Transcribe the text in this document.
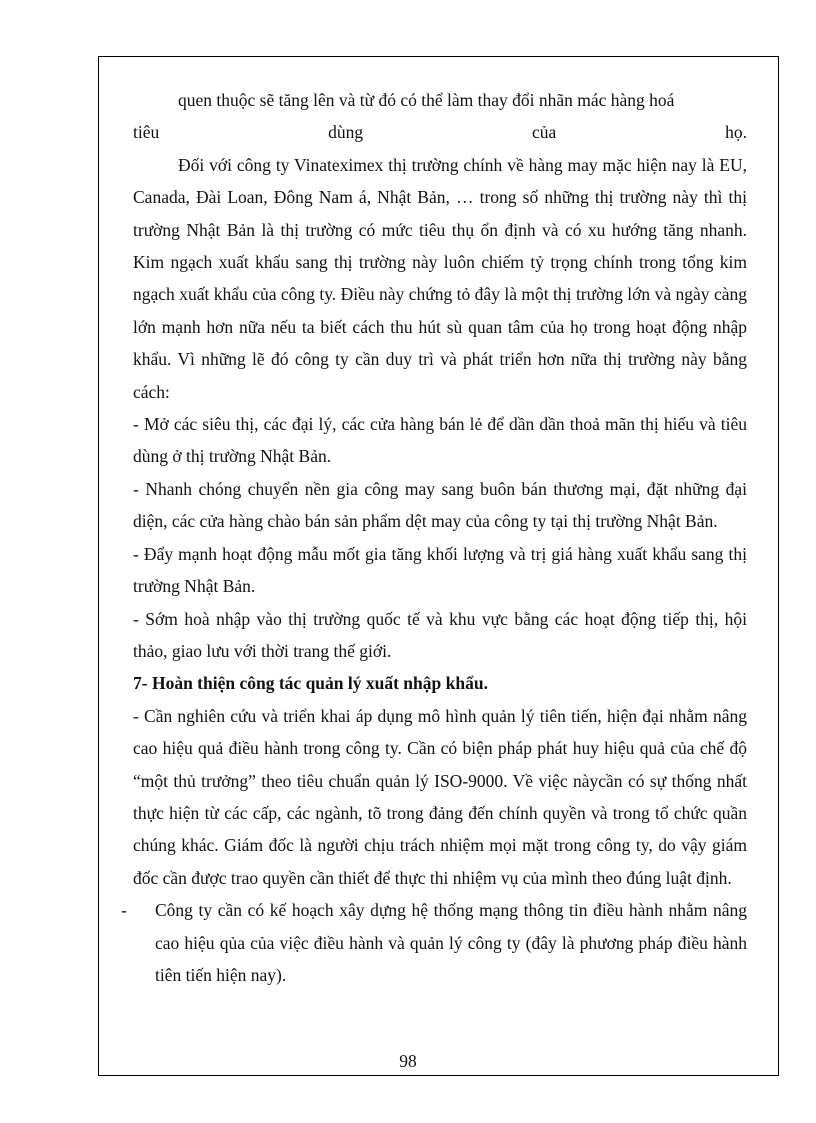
quen thuộc sẽ tăng lên và từ đó có thể làm thay đổi nhãn mác hàng hoá

tiêu dùng của họ.

Đối với công ty Vinateximex thị trường chính về hàng may mặc hiện nay là EU, Canada, Đài Loan, Đông Nam á, Nhật Bản, … trong số những thị trường này thì thị trường Nhật Bản là thị trường có mức tiêu thụ ổn định và có xu hướng tăng nhanh. Kim ngạch xuất khẩu sang thị trường này luôn chiếm tỷ trọng chính trong tổng kim ngạch xuất khẩu của công ty. Điều này chứng tỏ đây là một thị trường lớn và ngày càng lớn mạnh hơn nữa nếu ta biết cách thu hút sù quan tâm của họ trong hoạt động nhập khẩu. Vì những lẽ đó công ty cần duy trì và phát triển hơn nữa thị trường này bằng cách:

- Mở các siêu thị, các đại lý, các cửa hàng bán lẻ để dần dần thoả mãn thị hiếu và tiêu dùng ở thị trường Nhật Bản.

- Nhanh chóng chuyển nền gia công may sang buôn bán thương mại, đặt những đại diện, các cửa hàng chào bán sản phẩm dệt may của công ty tại thị trường Nhật Bản.

- Đẩy mạnh hoạt động mẫu mốt gia tăng khối lượng và trị giá hàng xuất khẩu sang thị trường Nhật Bản.

- Sớm hoà nhập vào thị trường quốc tế và khu vực bằng các hoạt động tiếp thị, hội thảo, giao lưu với thời trang thế giới.

7- Hoàn thiện công tác quản lý xuất nhập khẩu.

- Cần nghiên cứu và triển khai áp dụng mô hình quản lý tiên tiến, hiện đại nhằm nâng cao hiệu quả điều hành trong công ty. Cần có biện pháp phát huy hiệu quả của chế độ “một thủ trưởng” theo tiêu chuẩn quản lý ISO-9000. Về việc nàycần có sự thống nhất thực hiện từ các cấp, các ngành, tõ trong đảng đến chính quyền và trong tổ chức quần chúng khác. Giám đốc là người chịu trách nhiệm mọi mặt trong công ty, do vậy giám đốc cần được trao quyền cần thiết để thực thi nhiệm vụ của mình theo đúng luật định.

- Công ty cần có kế hoạch xây dựng hệ thống mạng thông tin điều hành nhằm nâng cao hiệu qủa của việc điều hành và quản lý công ty (đây là phương pháp điều hành tiên tiến hiện nay).
98
